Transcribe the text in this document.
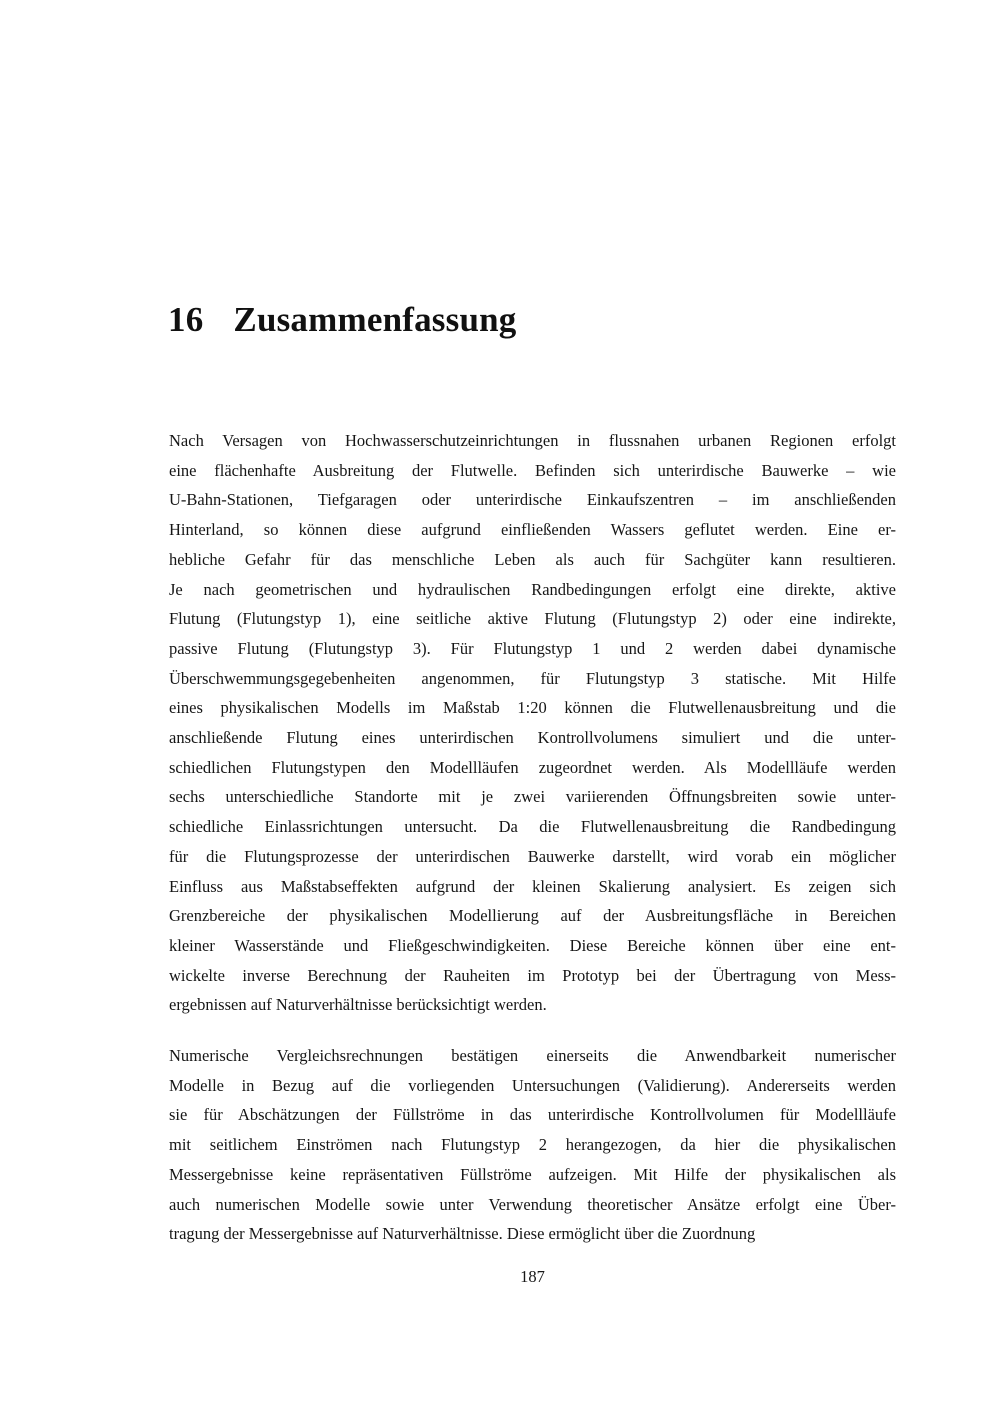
16 Zusammenfassung
Nach Versagen von Hochwasserschutzeinrichtungen in flussnahen urbanen Regionen erfolgt
eine flächenhafte Ausbreitung der Flutwelle. Befinden sich unterirdische Bauwerke – wie
U-Bahn-Stationen, Tiefgaragen oder unterirdische Einkaufszentren – im anschließenden
Hinterland, so können diese aufgrund einfließenden Wassers geflutet werden. Eine er-
hebliche Gefahr für das menschliche Leben als auch für Sachgüter kann resultieren.
Je nach geometrischen und hydraulischen Randbedingungen erfolgt eine direkte, aktive
Flutung (Flutungstyp 1), eine seitliche aktive Flutung (Flutungstyp 2) oder eine indirekte,
passive Flutung (Flutungstyp 3). Für Flutungstyp 1 und 2 werden dabei dynamische
Überschwemmungsgegebenheiten angenommen, für Flutungstyp 3 statische. Mit Hilfe
eines physikalischen Modells im Maßstab 1:20 können die Flutwellenausbreitung und die
anschließende Flutung eines unterirdischen Kontrollvolumens simuliert und die unter-
schiedlichen Flutungstypen den Modellläufen zugeordnet werden. Als Modellläufe werden
sechs unterschiedliche Standorte mit je zwei variierenden Öffnungsbreiten sowie unter-
schiedliche Einlassrichtungen untersucht. Da die Flutwellenausbreitung die Randbedingung
für die Flutungsprozesse der unterirdischen Bauwerke darstellt, wird vorab ein möglicher
Einfluss aus Maßstabseffekten aufgrund der kleinen Skalierung analysiert. Es zeigen sich
Grenzbereiche der physikalischen Modellierung auf der Ausbreitungsfläche in Bereichen
kleiner Wasserstände und Fließgeschwindigkeiten. Diese Bereiche können über eine ent-
wickelte inverse Berechnung der Rauheiten im Prototyp bei der Übertragung von Mess-
ergebnissen auf Naturverhältnisse berücksichtigt werden.
Numerische Vergleichsrechnungen bestätigen einerseits die Anwendbarkeit numerischer
Modelle in Bezug auf die vorliegenden Untersuchungen (Validierung). Andererseits werden
sie für Abschätzungen der Füllströme in das unterirdische Kontrollvolumen für Modellläufe
mit seitlichem Einströmen nach Flutungstyp 2 herangezogen, da hier die physikalischen
Messergebnisse keine repräsentativen Füllströme aufzeigen. Mit Hilfe der physikalischen als
auch numerischen Modelle sowie unter Verwendung theoretischer Ansätze erfolgt eine Über-
tragung der Messergebnisse auf Naturverhältnisse. Diese ermöglicht über die Zuordnung
187
